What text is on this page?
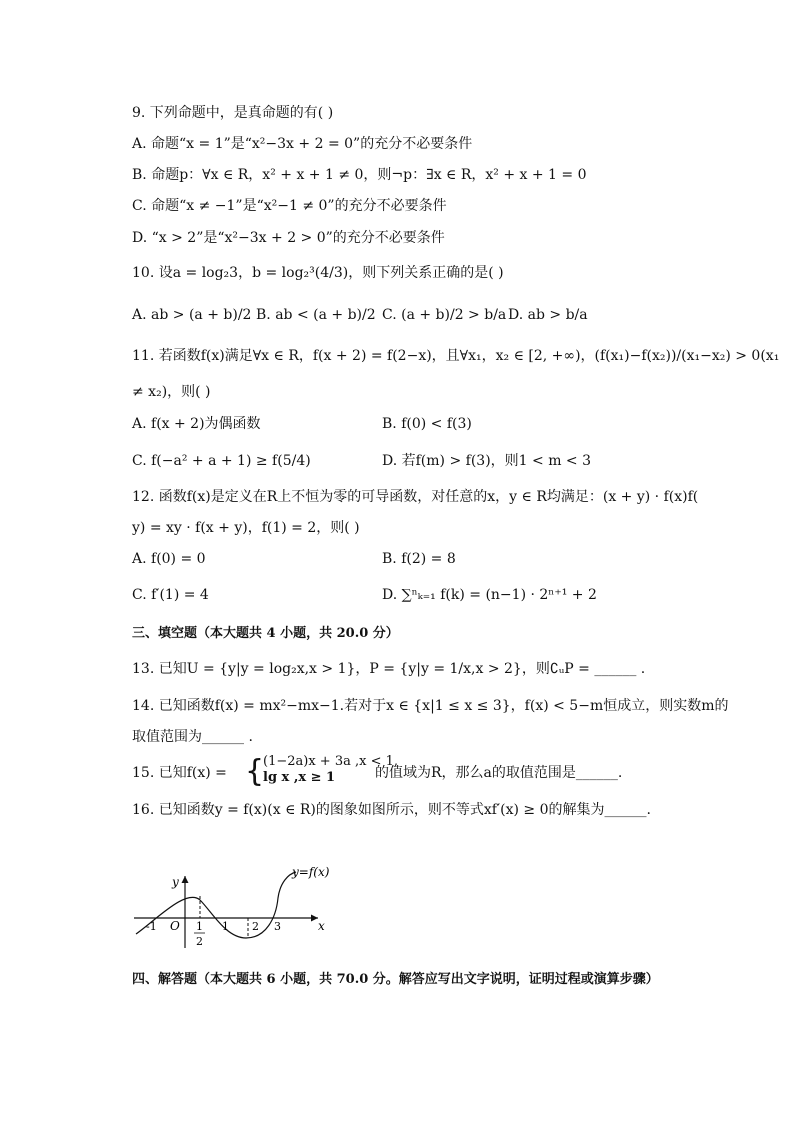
9. 下列命题中，是真命题的有( )
A. 命题“x = 1”是“x²−3x + 2 = 0”的充分不必要条件
B. 命题p：∀x ∈ R，x² + x + 1 ≠ 0，则¬p：∃x ∈ R，x² + x + 1 = 0
C. 命题“x ≠ −1”是“x²−1 ≠ 0”的充分不必要条件
D. “x > 2”是“x²−3x + 2 > 0”的充分不必要条件
10. 设a = log₂3，b = log₂³(4/3)，则下列关系正确的是( )
A. ab > (a + b)/2 B. ab < (a + b)/2 C. (a + b)/2 > b/a D. ab > b/a
11. 若函数f(x)满足∀x ∈ R，f(x + 2) = f(2−x)，且∀x₁，x₂ ∈ [2, +∞)，(f(x₁)−f(x₂))/(x₁−x₂) > 0(x₁
≠ x₂)，则( )
A. f(x + 2)为偶函数	B. f(0) < f(3)
C. f(−a² + a + 1) ≥ f(5/4)	D. 若f(m) > f(3)，则1 < m < 3
12. 函数f(x)是定义在R上不恒为零的可导函数，对任意的x，y ∈ R均满足：(x + y) · f(x)f(
y) = xy · f(x + y)，f(1) = 2，则( )
A. f(0) = 0	B. f(2) = 8
C. f′(1) = 4	D. ∑ⁿₖ₌₁ f(k) = (n−1) · 2ⁿ⁺¹ + 2
三、填空题（本大题共 4 小题，共 20.0 分）
13. 已知U = {y|y = log₂x,x > 1}，P = {y|y = 1/x,x > 2}，则∁ᵤP = ______ .
14. 已知函数f(x) = mx²−mx−1.若对于x ∈ {x|1 ≤ x ≤ 3}，f(x) < 5−m恒成立，则实数m的
取值范围为______ .
15. 已知f(x) = {
(1−2a)x + 3a ,x < 1,
lg x ,x ≥ 1	的值域为R，那么a的取值范围是______.
16. 已知函数y = f(x)(x ∈ R)的图象如图所示，则不等式xf′(x) ≥ 0的解集为______.
y=f(x)
y
x
O
-1	1
2
1 2 3
四、解答题（本大题共 6 小题，共 70.0 分。解答应写出文字说明，证明过程或演算步骤）
